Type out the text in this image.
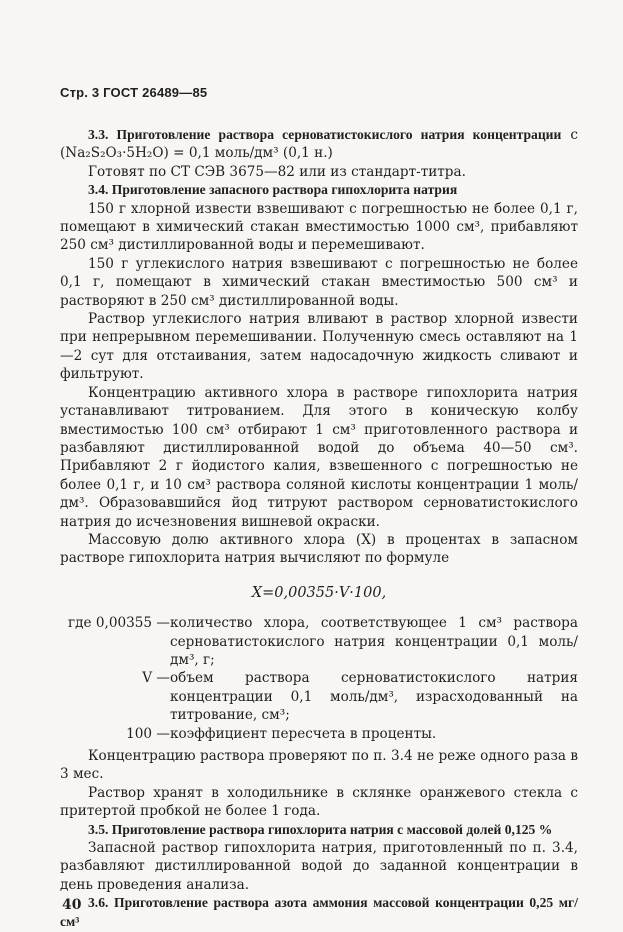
Стр. 3 ГОСТ 26489—85

3.3. Приготовление раствора серноватистокислого натрия концентрации c (Na₂S₂O₃·5H₂O) = 0,1 моль/дм³ (0,1 н.)

Готовят по СТ СЭВ 3675—82 или из стандарт-титра.

3.4. Приготовление запасного раствора гипохлорита натрия

150 г хлорной извести взвешивают с погрешностью не более 0,1 г, помещают в химический стакан вместимостью 1000 см³, прибавляют 250 см³ дистиллированной воды и перемешивают.

150 г углекислого натрия взвешивают с погрешностью не более 0,1 г, помещают в химический стакан вместимостью 500 см³ и растворяют в 250 см³ дистиллированной воды.

Раствор углекислого натрия вливают в раствор хлорной извести при непрерывном перемешивании. Полученную смесь оставляют на 1—2 сут для отстаивания, затем надосадочную жидкость сливают и фильтруют.

Концентрацию активного хлора в растворе гипохлорита натрия устанавливают титрованием. Для этого в коническую колбу вместимостью 100 см³ отбирают 1 см³ приготовленного раствора и разбавляют дистиллированной водой до объема 40—50 см³. Прибавляют 2 г йодистого калия, взвешенного с погрешностью не более 0,1 г, и 10 см³ раствора соляной кислоты концентрации 1 моль/дм³. Образовавшийся йод титруют раствором серноватистокислого натрия до исчезновения вишневой окраски.

Массовую долю активного хлора (X) в процентах в запасном растворе гипохлорита натрия вычисляют по формуле

X=0,00355·V·100,
где 0,00355 — количество хлора, соответствующее 1 см³ раствора серноватистокислого натрия концентрации 0,1 моль/дм³, г;
V — объем раствора серноватистокислого натрия концентрации 0,1 моль/дм³, израсходованный на титрование, см³;
100 — коэффициент пересчета в проценты.

Концентрацию раствора проверяют по п. 3.4 не реже одного раза в 3 мес.

Раствор хранят в холодильнике в склянке оранжевого стекла с притертой пробкой не более 1 года.

3.5. Приготовление раствора гипохлорита натрия с массовой долей 0,125 %

Запасной раствор гипохлорита натрия, приготовленный по п. 3.4, разбавляют дистиллированной водой до заданной концентрации в день проведения анализа.

3.6. Приготовление раствора азота аммония массовой концентрации 0,25 мг/см³

40
